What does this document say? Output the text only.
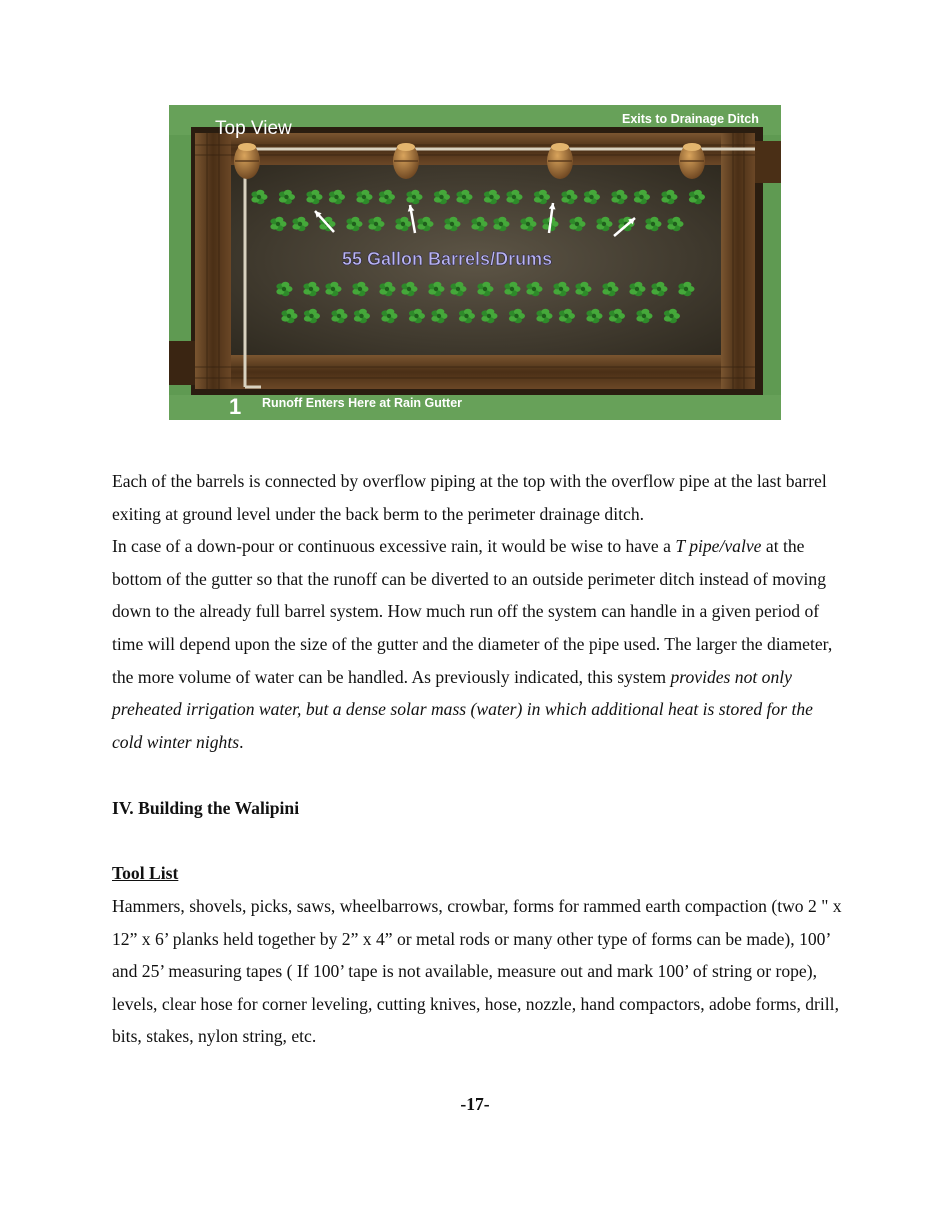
Top View	Exits to Drainage Ditch
55 Gallon Barrels/Drums
1 Runoff Enters Here at Rain Gutter

Each of the barrels is connected by overflow piping at the top with the overflow pipe at the last barrel exiting at ground level under the back berm to the perimeter drainage ditch.

In case of a down-pour or continuous excessive rain, it would be wise to have a T pipe/valve at the bottom of the gutter so that the runoff can be diverted to an outside perimeter ditch instead of moving down to the already full barrel system. How much run off the system can handle in a given period of time will depend upon the size of the gutter and the diameter of the pipe used. The larger the diameter, the more volume of water can be handled. As previously indicated, this system provides not only preheated irrigation water, but a dense solar mass (water) in which additional heat is stored for the cold winter nights.

IV. Building the Walipini
Tool List
Hammers, shovels, picks, saws, wheelbarrows, crowbar, forms for rammed earth compaction (two 2 " x 12” x 6’ planks held together by 2” x 4” or metal rods or many other type of forms can be made), 100’ and 25’ measuring tapes ( If 100’ tape is not available, measure out and mark 100’ of string or rope), levels, clear hose for corner leveling, cutting knives, hose, nozzle, hand compactors, adobe forms, drill, bits, stakes, nylon string, etc.
-17-
